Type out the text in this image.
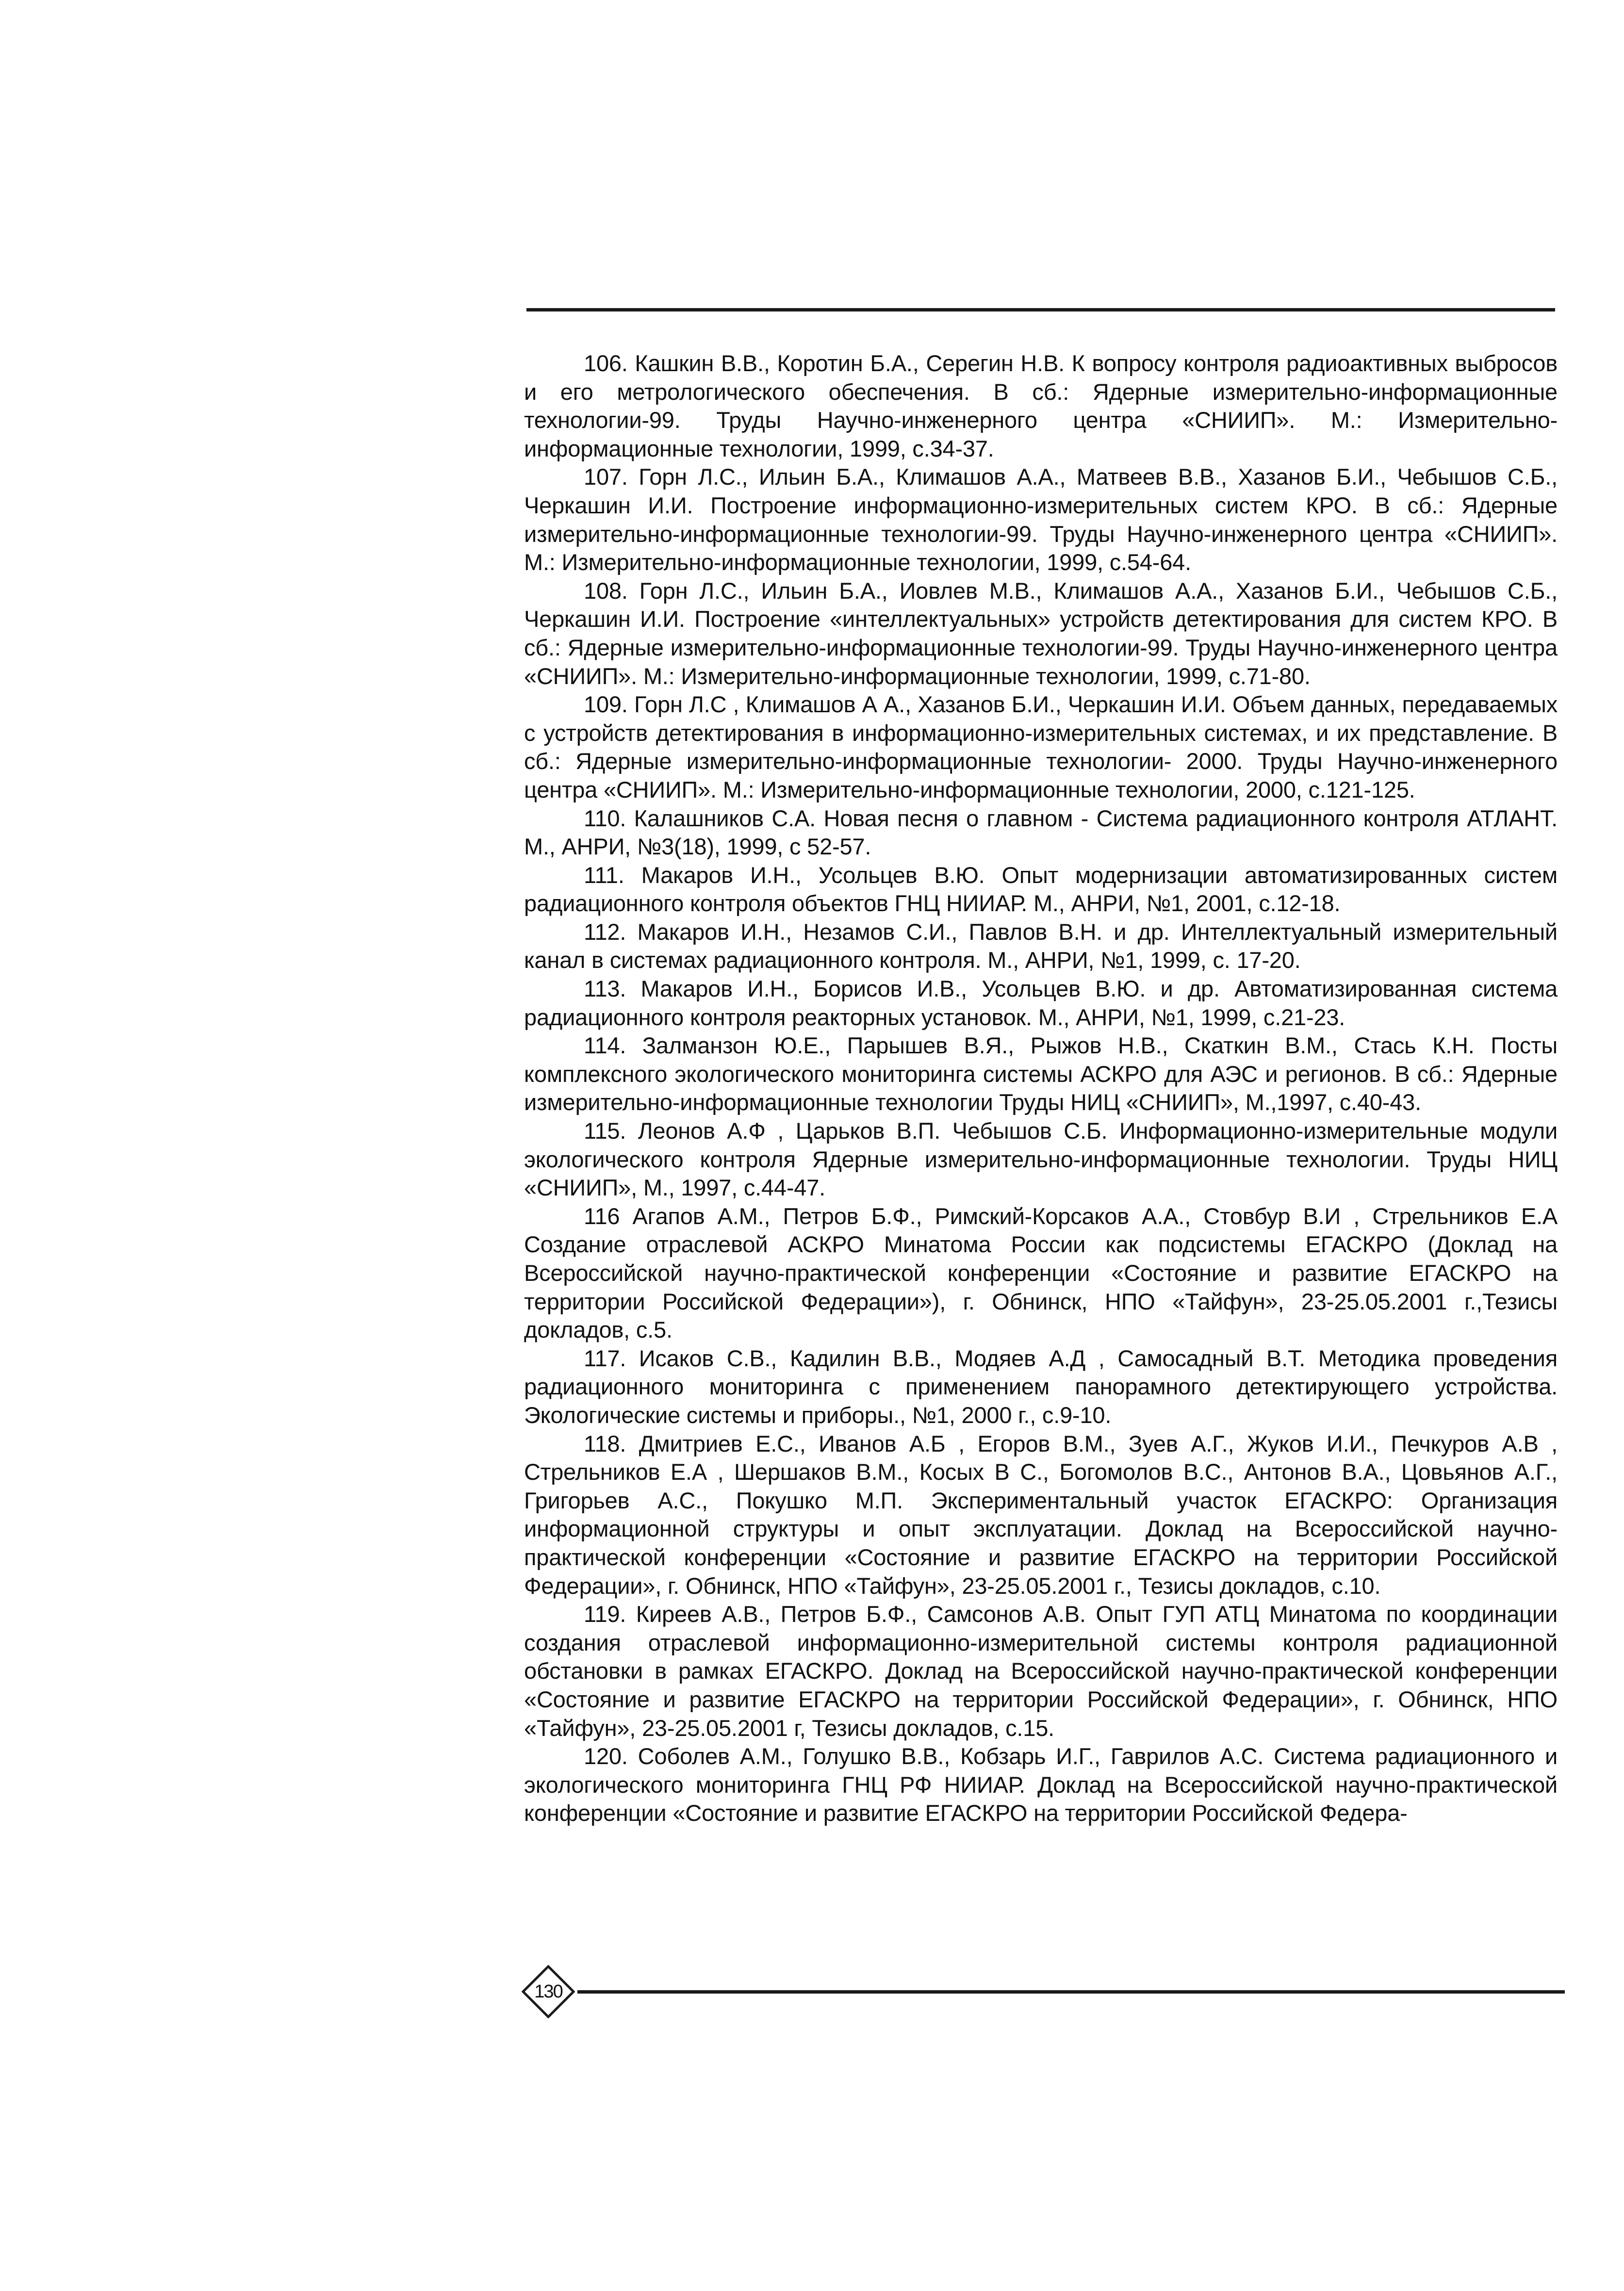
106. Кашкин В.В., Коротин Б.А., Серегин Н.В. К вопросу контроля радиоактивных выбросов и его метрологического обеспечения. В сб.: Ядерные измерительно-информационные технологии-99. Труды Научно-инженерного центра «СНИИП». М.: Измерительно-информационные технологии, 1999, с.34-37.

107. Горн Л.С., Ильин Б.А., Климашов А.А., Матвеев В.В., Хазанов Б.И., Чебышов С.Б., Черкашин И.И. Построение информационно-измерительных систем КРО. В сб.: Ядерные измерительно-информационные технологии-99. Труды Научно-инженерного центра «СНИИП». М.: Измерительно-информационные технологии, 1999, с.54-64.

108. Горн Л.С., Ильин Б.А., Иовлев М.В., Климашов А.А., Хазанов Б.И., Чебышов С.Б., Черкашин И.И. Построение «интеллектуальных» устройств детектирования для систем КРО. В сб.: Ядерные измерительно-информационные технологии-99. Труды Научно-инженерного центра «СНИИП». М.: Измерительно-информационные технологии, 1999, с.71-80.

109. Горн Л.С , Климашов А А., Хазанов Б.И., Черкашин И.И. Объем данных, передаваемых с устройств детектирования в информационно-измерительных системах, и их представление. В сб.: Ядерные измерительно-информационные технологии- 2000. Труды Научно-инженерного центра «СНИИП». М.: Измерительно-информационные технологии, 2000, с.121-125.

110. Калашников С.А. Новая песня о главном - Система радиационного контроля АТЛАНТ. М., АНРИ, №3(18), 1999, с 52-57.

111. Макаров И.Н., Усольцев В.Ю. Опыт модернизации автоматизированных систем радиационного контроля объектов ГНЦ НИИАР. М., АНРИ, №1, 2001, с.12-18.

112. Макаров И.Н., Незамов С.И., Павлов В.Н. и др. Интеллектуальный измерительный канал в системах радиационного контроля. М., АНРИ, №1, 1999, с. 17-20.

113. Макаров И.Н., Борисов И.В., Усольцев В.Ю. и др. Автоматизированная система радиационного контроля реакторных установок. М., АНРИ, №1, 1999, с.21-23.

114. Залманзон Ю.Е., Парышев В.Я., Рыжов Н.В., Скаткин В.М., Стась К.Н. Посты комплексного экологического мониторинга системы АСКРО для АЭС и регионов. В сб.: Ядерные измерительно-информационные технологии Труды НИЦ «СНИИП», М.,1997, с.40-43.

115. Леонов А.Ф , Царьков В.П. Чебышов С.Б. Информационно-измерительные модули экологического контроля Ядерные измерительно-информационные технологии. Труды НИЦ «СНИИП», М., 1997, с.44-47.

116 Агапов А.М., Петров Б.Ф., Римский-Корсаков А.А., Стовбур В.И , Стрельников Е.А Создание отраслевой АСКРО Минатома России как подсистемы ЕГАСКРО (Доклад на Всероссийской научно-практической конференции «Состояние и развитие ЕГАСКРО на территории Российской Федерации»), г. Обнинск, НПО «Тайфун», 23-25.05.2001 г.,Тезисы докладов, с.5.

117. Исаков С.В., Кадилин В.В., Модяев А.Д , Самосадный В.Т. Методика проведения радиационного мониторинга с применением панорамного детектирующего устройства. Экологические системы и приборы., №1, 2000 г., с.9-10.

118. Дмитриев Е.С., Иванов А.Б , Егоров В.М., Зуев А.Г., Жуков И.И., Печкуров А.В , Стрельников Е.А , Шершаков В.М., Косых В С., Богомолов В.С., Антонов В.А., Цовьянов А.Г., Григорьев А.С., Покушко М.П. Экспериментальный участок ЕГАСКРО: Организация информационной структуры и опыт эксплуатации. Доклад на Всероссийской научно-практической конференции «Состояние и развитие ЕГАСКРО на территории Российской Федерации», г. Обнинск, НПО «Тайфун», 23-25.05.2001 г., Тезисы докладов, с.10.

119. Киреев А.В., Петров Б.Ф., Самсонов А.В. Опыт ГУП АТЦ Минатома по координации создания отраслевой информационно-измерительной системы контроля радиационной обстановки в рамках ЕГАСКРО. Доклад на Всероссийской научно-практической конференции «Состояние и развитие ЕГАСКРО на территории Российской Федерации», г. Обнинск, НПО «Тайфун», 23-25.05.2001 г, Тезисы докладов, с.15.

120. Соболев А.М., Голушко В.В., Кобзарь И.Г., Гаврилов А.С. Система радиационного и экологического мониторинга ГНЦ РФ НИИАР. Доклад на Всероссийской научно-практической конференции «Состояние и развитие ЕГАСКРО на территории Российской Федера-

130
